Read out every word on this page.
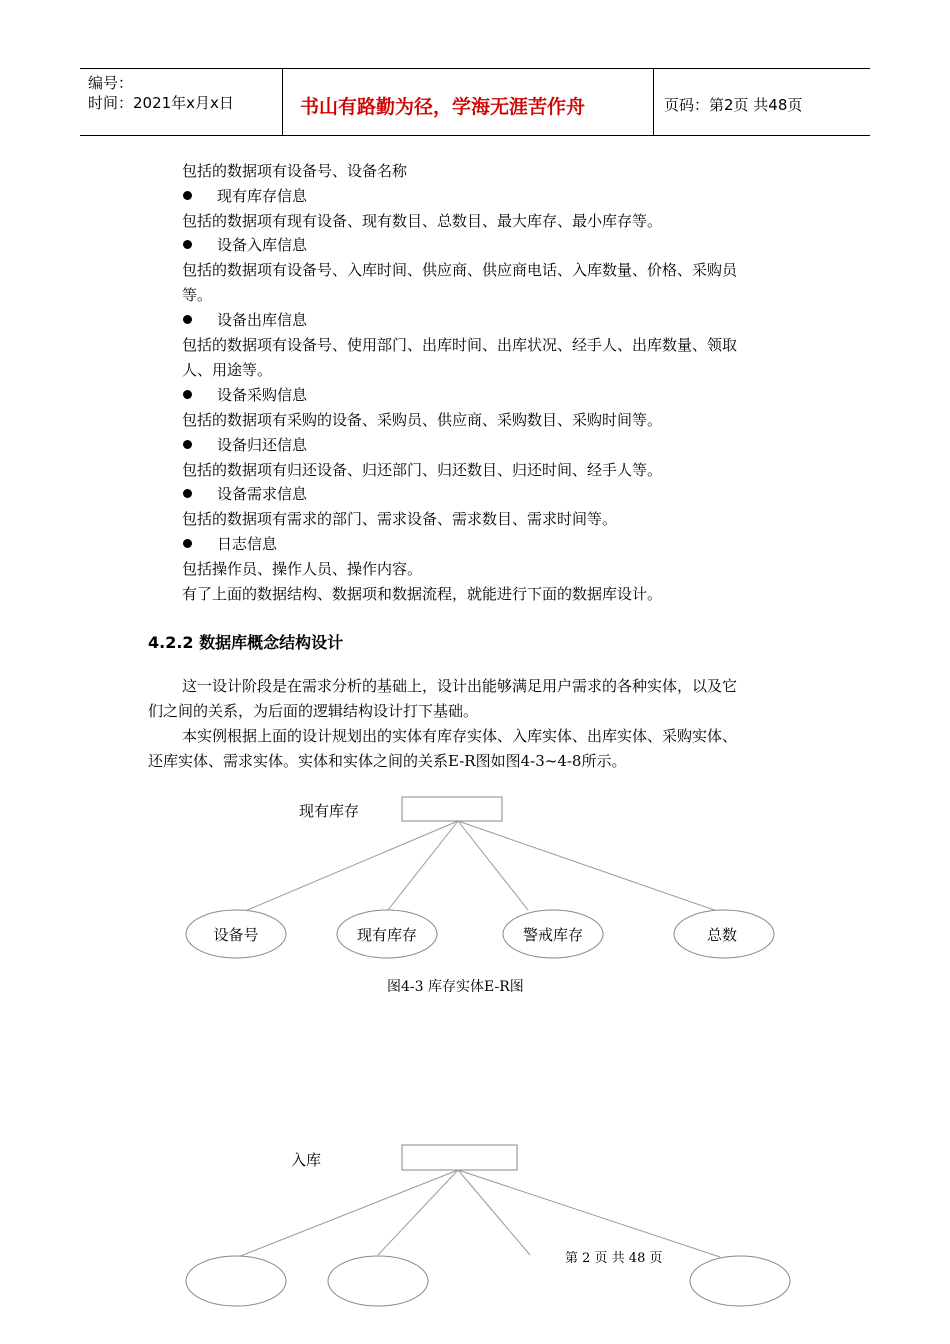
编号：
时间：2021年x月x日	书山有路勤为径，学海无涯苦作舟	页码：第2页 共48页
包括的数据项有设备号、设备名称
现有库存信息
包括的数据项有现有设备、现有数目、总数目、最大库存、最小库存等。
设备入库信息
包括的数据项有设备号、入库时间、供应商、供应商电话、入库数量、价格、采购员
等。
设备出库信息
包括的数据项有设备号、使用部门、出库时间、出库状况、经手人、出库数量、领取
人、用途等。
设备采购信息
包括的数据项有采购的设备、采购员、供应商、采购数目、采购时间等。
设备归还信息
包括的数据项有归还设备、归还部门、归还数目、归还时间、经手人等。
设备需求信息
包括的数据项有需求的部门、需求设备、需求数目、需求时间等。
日志信息
包括操作员、操作人员、操作内容。
有了上面的数据结构、数据项和数据流程，就能进行下面的数据库设计。
4.2.2 数据库概念结构设计
这一设计阶段是在需求分析的基础上，设计出能够满足用户需求的各种实体，以及它
们之间的关系，为后面的逻辑结构设计打下基础。
本实例根据上面的设计规划出的实体有库存实体、入库实体、出库实体、采购实体、
还库实体、需求实体。实体和实体之间的关系E-R图如图4-3~4-8所示。
现有库存
设备号	现有库存	警戒库存	总数
图4-3 库存实体E-R图
入库
第 2 页 共 48 页
